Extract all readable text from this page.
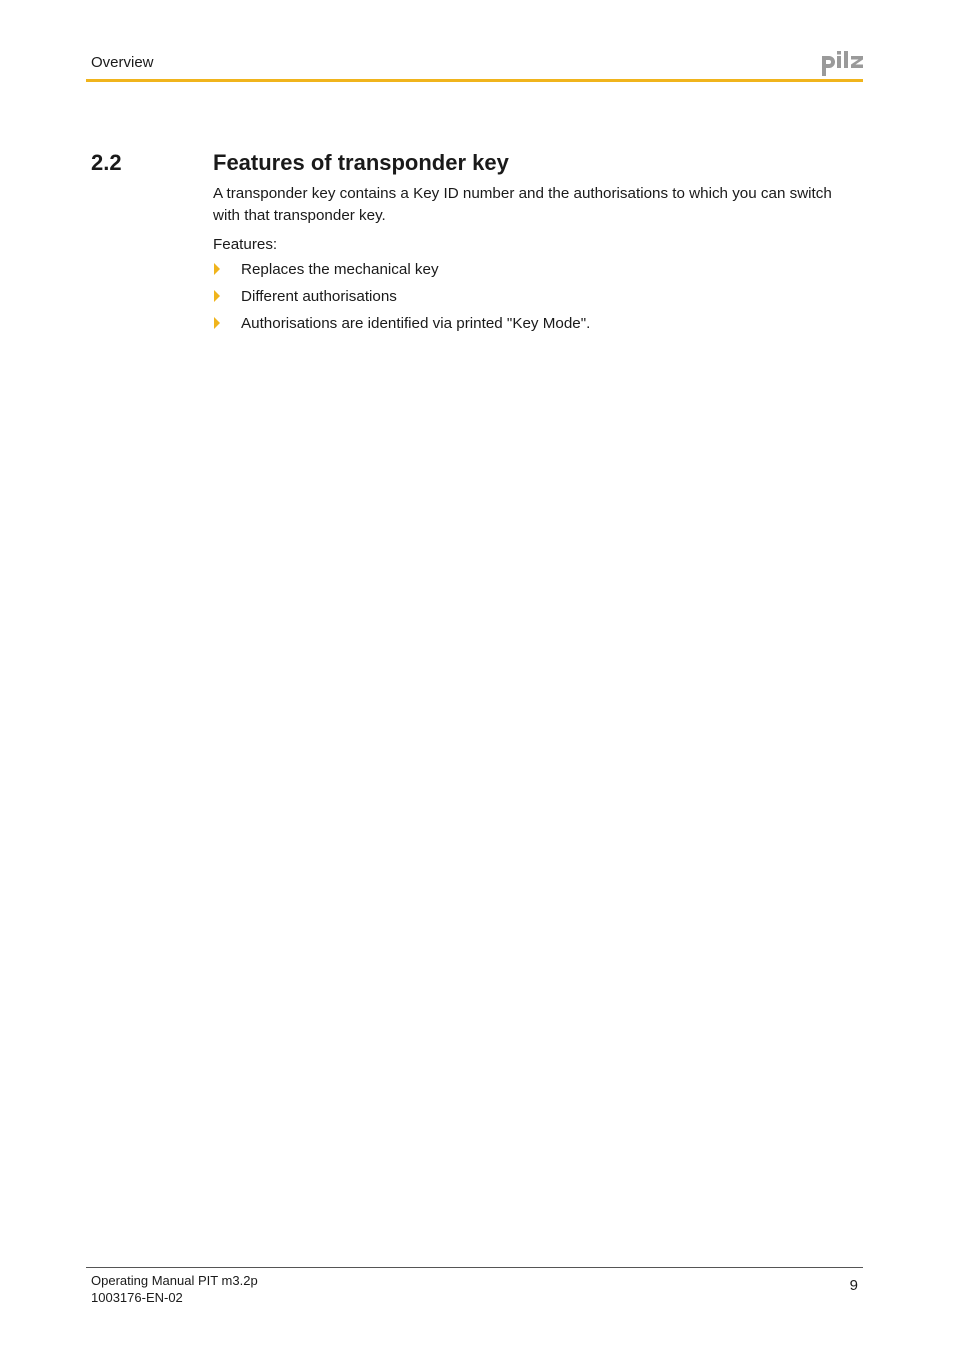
Overview
2.2	Features of transponder key
A transponder key contains a Key ID number and the authorisations to which you can switch with that transponder key.
Features:
Replaces the mechanical key
Different authorisations
Authorisations are identified via printed "Key Mode".
Operating Manual PIT m3.2p
1003176-EN-02
9
